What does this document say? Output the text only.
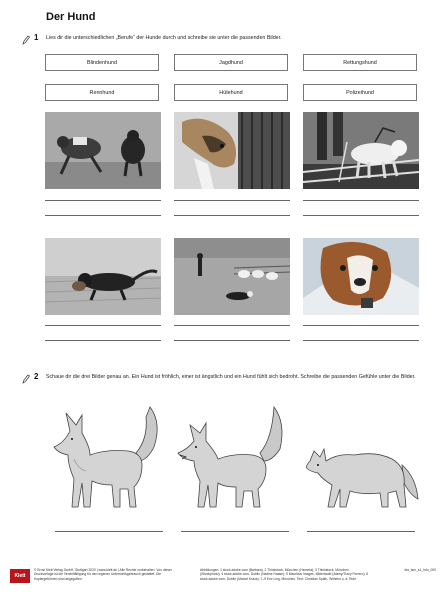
Der Hund
1 Lies dir die unterschiedlichen „Berufe“ der Hunde durch und schreibe sie unter die passenden Bilder.
Blindenhund	Jagdhund	Rettungshund
Rennhund	Hütehund	Polizeihund
2 Schaue dir die drei Bilder genau an. Ein Hund ist fröhlich, einer ist ängstlich und ein Hund fühlt sich bedroht. Schreibe die passenden Gefühle unter die Bilder.
Klett
© Ernst Klett Verlag GmbH, Stuttgart 2020 | www.klett.de | Alle Rechte vorbehalten. Von dieser Druckvorlage ist die Vervielfältigung für den eigenen Unterrichtsgebrauch gestattet. Die Kopiergebühren sind abgegolten.
Abbildungen: 1 stock.adobe.com (Barbara), 2 Thinkstock, München (Hemera); 3 Thinkstock, München (iStockphoto); 4 stock.adobe.com, Dublin (Nadine Haase); 5 Mauritius Images, Mittenwald (Alamy/Tracy Ferrero); 6 stock.adobe.com, Dublin (Marcel Kraus); 7–9 Eric Ling, München. Text: Christian Späth, Wilhelm u. a. Ruhr
kla_tsm_s1_hdu_000
